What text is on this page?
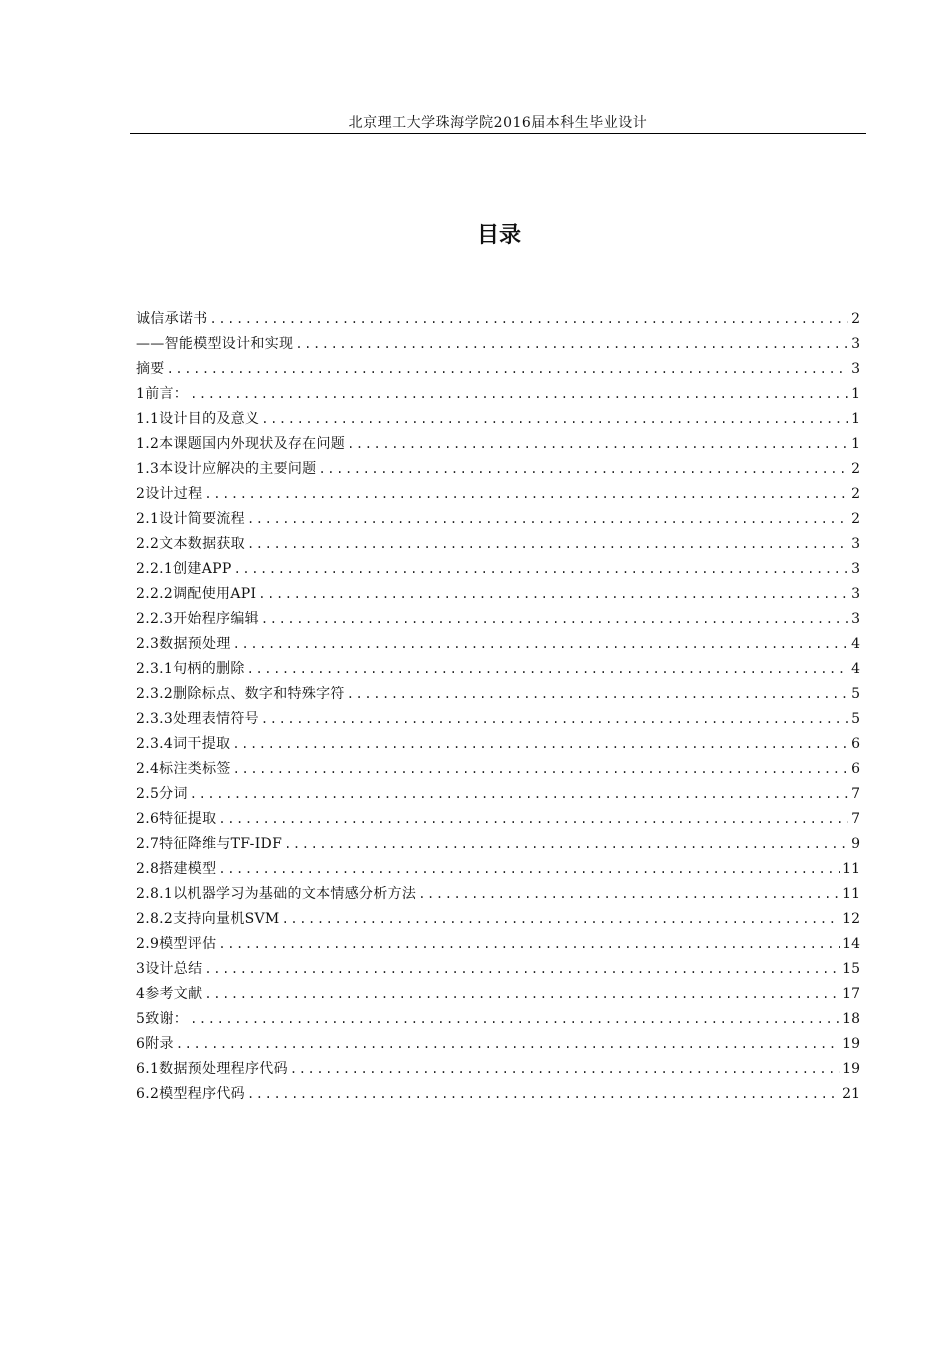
北京理工大学珠海学院2016届本科生毕业设计
目录
诚信承诺书 .....	2
——智能模型设计和实现 .....	3
摘要 .....	3
1前言： .....	1
1.1设计目的及意义 .....	1
1.2本课题国内外现状及存在问题 .....	1
1.3本设计应解决的主要问题 .....	2
2设计过程 .....	2
2.1设计简要流程 .....	2
2.2文本数据获取 .....	3
2.2.1创建APP .....	3
2.2.2调配使用API .....	3
2.2.3开始程序编辑 .....	3
2.3数据预处理 .....	4
2.3.1句柄的删除 .....	4
2.3.2删除标点、数字和特殊字符 .....	5
2.3.3处理表情符号 .....	5
2.3.4词干提取 .....	6
2.4标注类标签 .....	6
2.5分词 .....	7
2.6特征提取 .....	7
2.7特征降维与TF-IDF .....	9
2.8搭建模型 .....	11
2.8.1以机器学习为基础的文本情感分析方法 .....	11
2.8.2支持向量机SVM .....	12
2.9模型评估 .....	14
3设计总结 .....	15
4参考文献 .....	17
5致谢： .....	18
6附录 .....	19
6.1数据预处理程序代码 .....	19
6.2模型程序代码 .....	21
